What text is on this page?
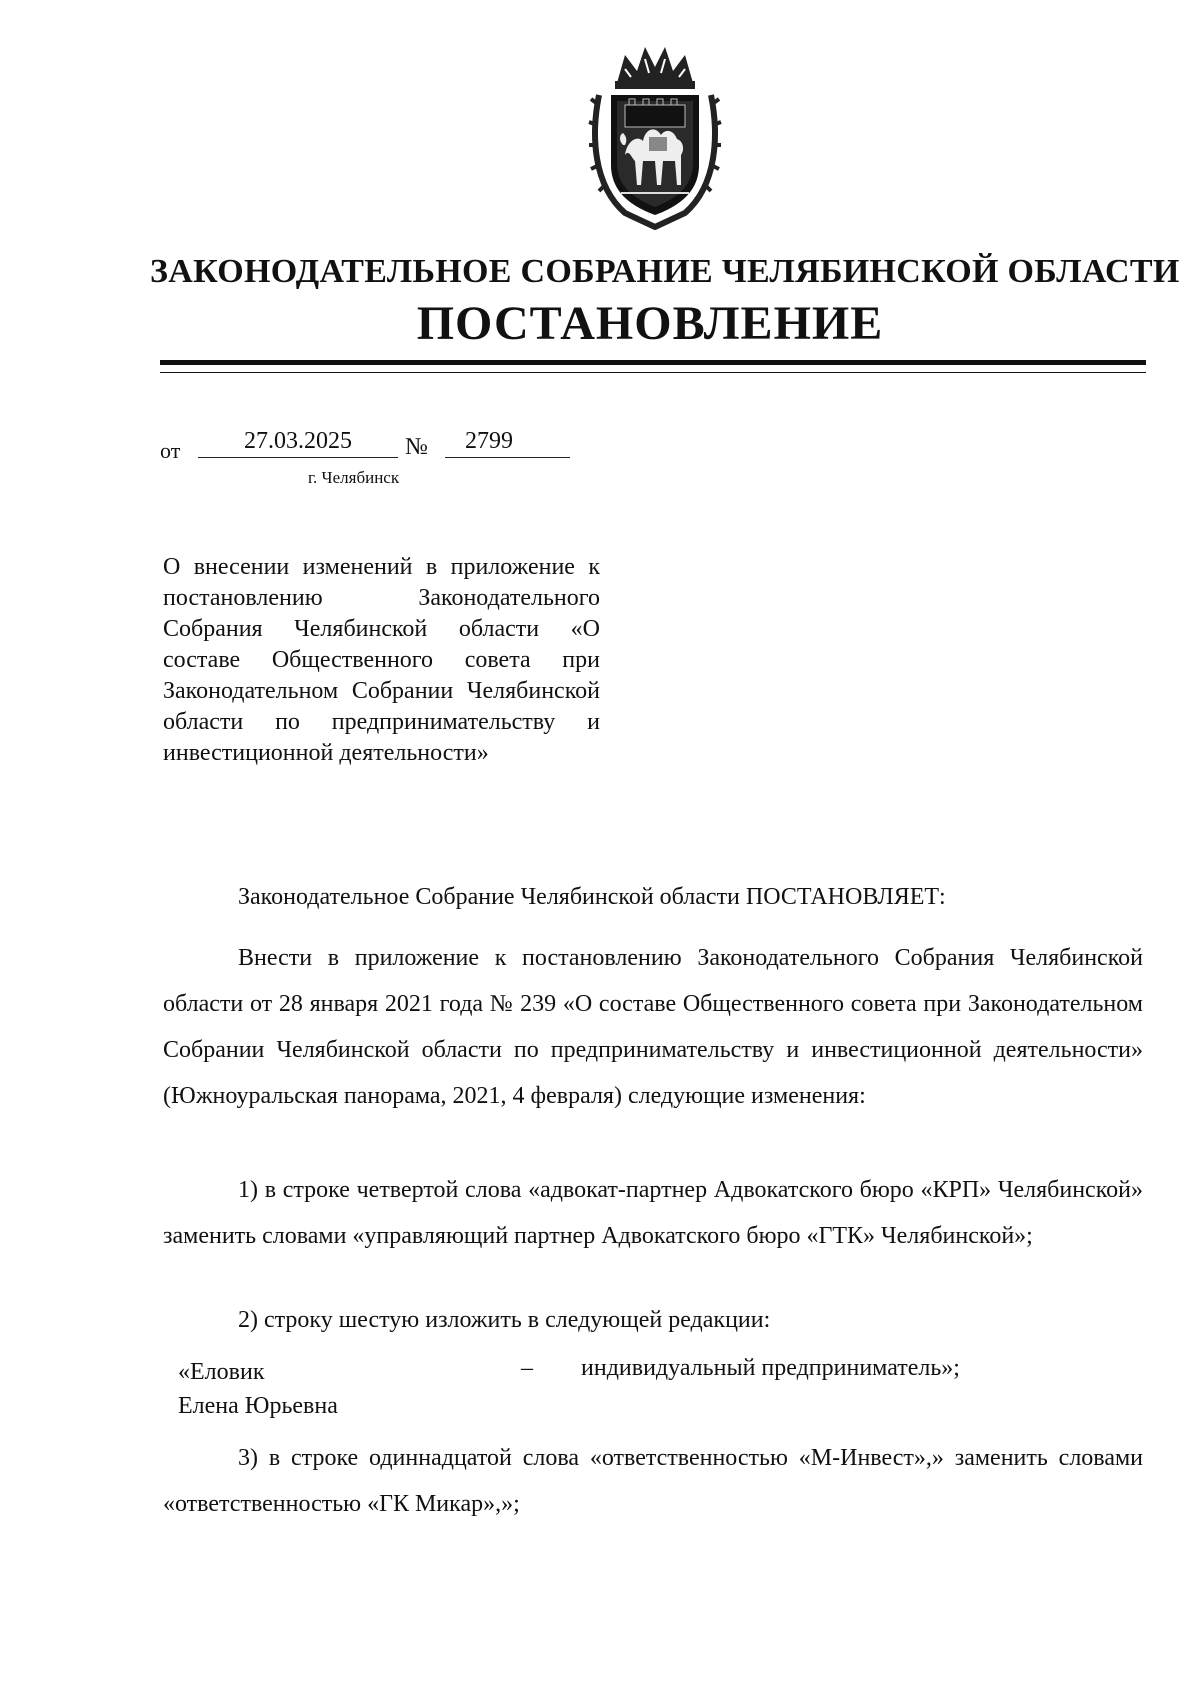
ЗАКОНОДАТЕЛЬНОЕ СОБРАНИЕ ЧЕЛЯБИНСКОЙ ОБЛАСТИ
ПОСТАНОВЛЕНИЕ
от	27.03.2025	№	2799
г. Челябинск

О внесении изменений в приложение к постановлению Законодательного Собрания Челябинской области «О составе Общественного совета при Законодательном Собрании Челябинской области по предпринимательству и инвестиционной деятельности»

Законодательное Собрание Челябинской области ПОСТАНОВЛЯЕТ:

Внести в приложение к постановлению Законодательного Собрания Челябинской области от 28 января 2021 года № 239 «О составе Общественного совета при Законодательном Собрании Челябинской области по предпринимательству и инвестиционной деятельности» (Южноуральская панорама, 2021, 4 февраля) следующие изменения:

1) в строке четвертой слова «адвокат-партнер Адвокатского бюро «КРП» Челябинской» заменить словами «управляющий партнер Адвокатского бюро «ГТК» Челябинской»;

2) строку шестую изложить в следующей редакции:

«Еловик
Елена Юрьевна
– индивидуальный предприниматель»;

3) в строке одиннадцатой слова «ответственностью «М-Инвест»,» заменить словами «ответственностью «ГК Микар»,»;
